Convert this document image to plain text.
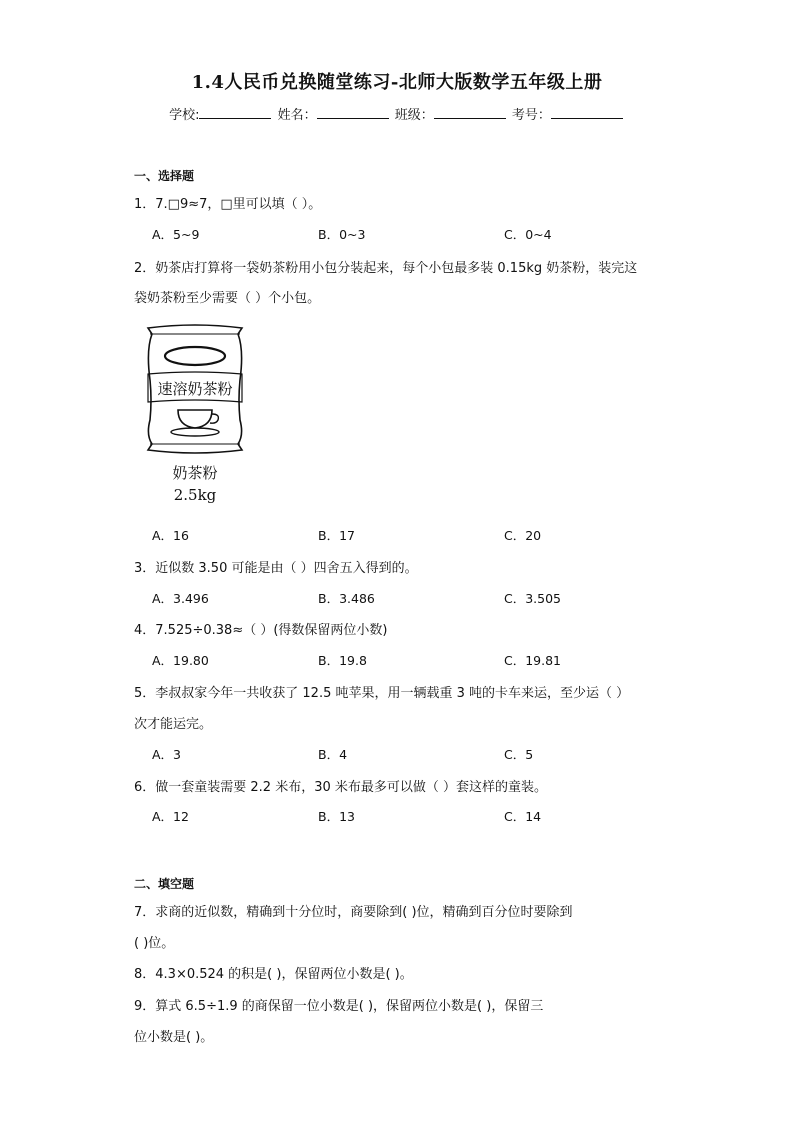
1.4人民币兑换随堂练习-北师大版数学五年级上册
学校:	姓名：	班级：	考号：
一、选择题
1．7.□9≈7，□里可以填（ ）。
A．5~9	B．0~3	C．0~4
2．奶茶店打算将一袋奶茶粉用小包分装起来，每个小包最多装 0.15kg 奶茶粉，装完这
袋奶茶粉至少需要（ ）个小包。
速溶奶茶粉
奶茶粉
2.5kg
A．16	B．17	C．20
3．近似数 3.50 可能是由（ ）四舍五入得到的。
A．3.496	B．3.486	C．3.505
4．7.525÷0.38≈（ ）(得数保留两位小数)
A．19.80	B．19.8	C．19.81
5．李叔叔家今年一共收获了 12.5 吨苹果，用一辆载重 3 吨的卡车来运，至少运（ ）
次才能运完。
A．3	B．4	C．5
6．做一套童装需要 2.2 米布，30 米布最多可以做（ ）套这样的童装。
A．12	B．13	C．14
二、填空题
7．求商的近似数，精确到十分位时，商要除到( )位，精确到百分位时要除到
( )位。
8．4.3×0.524 的积是( )，保留两位小数是( )。
9．算式 6.5÷1.9 的商保留一位小数是( )，保留两位小数是( )，保留三
位小数是( )。
